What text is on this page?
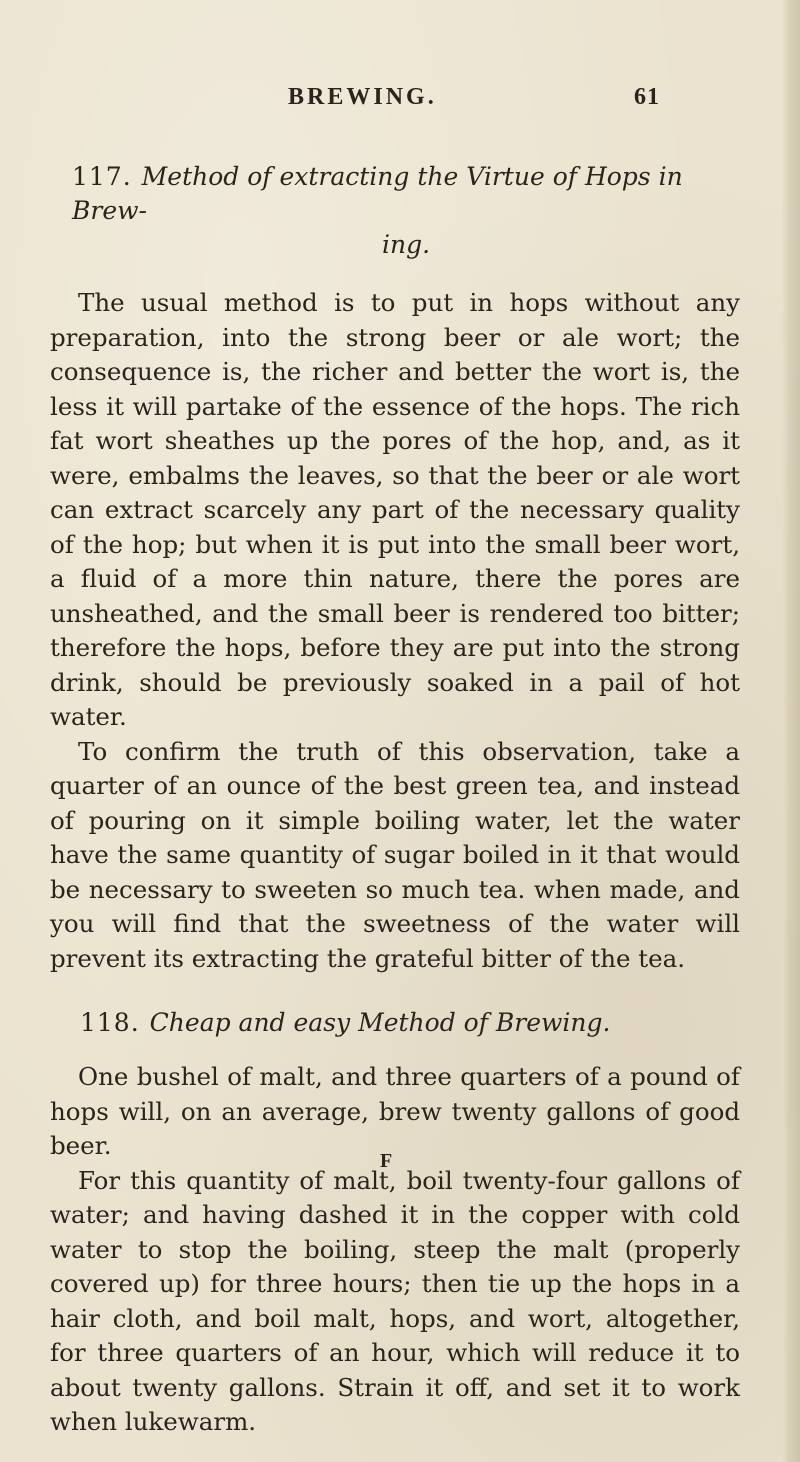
BREWING.	61

117. Method of extracting the Virtue of Hops in Brew-
ing.

The usual method is to put in hops without any preparation, into the strong beer or ale wort; the consequence is, the richer and better the wort is, the less it will partake of the essence of the hops. The rich fat wort sheathes up the pores of the hop, and, as it were, embalms the leaves, so that the beer or ale wort can extract scarcely any part of the necessary quality of the hop; but when it is put into the small beer wort, a fluid of a more thin nature, there the pores are unsheathed, and the small beer is rendered too bitter; therefore the hops, before they are put into the strong drink, should be previously soaked in a pail of hot water.

To confirm the truth of this observation, take a quarter of an ounce of the best green tea, and instead of pouring on it simple boiling water, let the water have the same quantity of sugar boiled in it that would be necessary to sweeten so much tea. when made, and you will find that the sweetness of the water will prevent its extracting the grateful bitter of the tea.

118. Cheap and easy Method of Brewing.

One bushel of malt, and three quarters of a pound of hops will, on an average, brew twenty gallons of good beer.

For this quantity of malt, boil twenty-four gallons of water; and having dashed it in the copper with cold water to stop the boiling, steep the malt (properly covered up) for three hours; then tie up the hops in a hair cloth, and boil malt, hops, and wort, altogether, for three quarters of an hour, which will reduce it to about twenty gallons. Strain it off, and set it to work when lukewarm.

F
